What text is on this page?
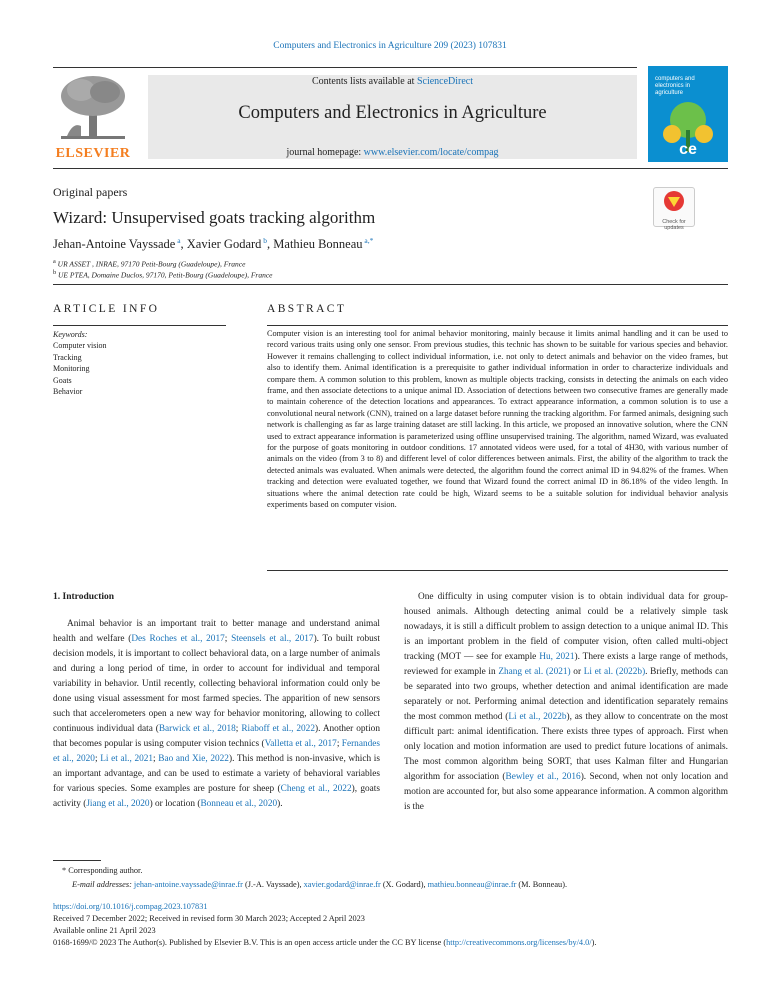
Computers and Electronics in Agriculture 209 (2023) 107831
ELSEVIER
Contents lists available at ScienceDirect
Computers and Electronics in Agriculture
journal homepage: www.elsevier.com/locate/compag
computers and electronics in agriculture
ce
Original papers
Wizard: Unsupervised goats tracking algorithm	Check for updates
Jehan-Antoine Vayssade $^a$, Xavier Godard $^b$, Mathieu Bonneau $^{a,*}$
$^a$ UR ASSET , INRAE, 97170 Petit-Bourg (Guadeloupe), France
$^b$ UE PTEA, Domaine Duclos, 97170, Petit-Bourg (Guadeloupe), France
ARTICLE INFO	ABSTRACT
Keywords:
Computer vision
Tracking
Monitoring
Goats
Behavior
Computer vision is an interesting tool for animal behavior monitoring, mainly because it limits animal handling and it can be used to record various traits using only one sensor. From previous studies, this technic has shown to be suitable for various species and behavior. However it remains challenging to collect individual information, i.e. not only to detect animals and behavior on the video frames, but also to identify them. Animal identification is a prerequisite to gather individual information in order to characterize individuals and compare them. A common solution to this problem, known as multiple objects tracking, consists in detecting the animals on each video frame, and then associate detections to a unique animal ID. Association of detections between two consecutive frames are generally made to maintain coherence of the detection locations and appearances. To extract appearance information, a common solution is to use a convolutional neural network (CNN), trained on a large dataset before running the tracking algorithm. For farmed animals, designing such network is challenging as far as large training dataset are still lacking. In this article, we proposed an innovative solution, where the CNN used to extract appearance information is parameterized using offline unsupervised training. The algorithm, named Wizard, was evaluated for the purpose of goats monitoring in outdoor conditions. 17 annotated videos were used, for a total of 4H30, with various number of animals on the video (from 3 to 8) and different level of color differences between animals. First, the ability of the algorithm to track the detected animals was evaluated. When animals were detected, the algorithm found the correct animal ID in 94.82% of the frames. When tracking and detection were evaluated together, we found that Wizard found the correct animal ID in 86.18% of the video length. In situations where the animal detection rate could be high, Wizard seems to be a suitable solution for individual behavior analysis experiments based on computer vision.
1. Introduction
Animal behavior is an important trait to better manage and understand animal health and welfare (Des Roches et al., 2017; Steensels et al., 2017). To built robust decision models, it is important to collect behavioral data, on a large number of animals and during a long period of time, in order to account for individual and temporal variability in behavior. Until recently, collecting behavioral information could only be done using visual assessment for most farmed species. The apparition of new sensors such that accelerometers open a new way for behavior monitoring, allowing to collect continuous individual data (Barwick et al., 2018; Riaboff et al., 2022). Another option that becomes popular is using computer vision technics (Valletta et al., 2017; Fernandes et al., 2020; Li et al., 2021; Bao and Xie, 2022). This method is non-invasive, which is an important advantage, and can be used to estimate a variety of behavioral variables for various species. Some examples are posture for sheep (Cheng et al., 2022), goats activity (Jiang et al., 2020) or location (Bonneau et al., 2020).
One difficulty in using computer vision is to obtain individual data for group-housed animals. Although detecting animal could be a relatively simple task nowadays, it is still a difficult problem to assign detection to a unique animal ID. This is an important problem in the field of computer vision, often called multi-object tracking (MOT — see for example Hu, 2021). There exists a large range of methods, reviewed for example in Zhang et al. (2021) or Li et al. (2022b). Briefly, methods can be separated into two groups, whether detection and animal identification are made separately or not. Performing animal detection and identification separately remains the most common method (Li et al., 2022b), as they allow to concentrate on the most difficult part: animal identification. There exists three types of approach. First when only location and motion information are used to predict future locations of animals. The most common algorithm being SORT, that uses Kalman filter and Hungarian algorithm for association (Bewley et al., 2016). Second, when not only location and motion are accounted for, but also some appearance information. A common algorithm is the
* Corresponding author.
E-mail addresses: jehan-antoine.vayssade@inrae.fr (J.-A. Vayssade), xavier.godard@inrae.fr (X. Godard), mathieu.bonneau@inrae.fr (M. Bonneau).
https://doi.org/10.1016/j.compag.2023.107831
Received 7 December 2022; Received in revised form 30 March 2023; Accepted 2 April 2023
Available online 21 April 2023
0168-1699/© 2023 The Author(s). Published by Elsevier B.V. This is an open access article under the CC BY license (http://creativecommons.org/licenses/by/4.0/).
